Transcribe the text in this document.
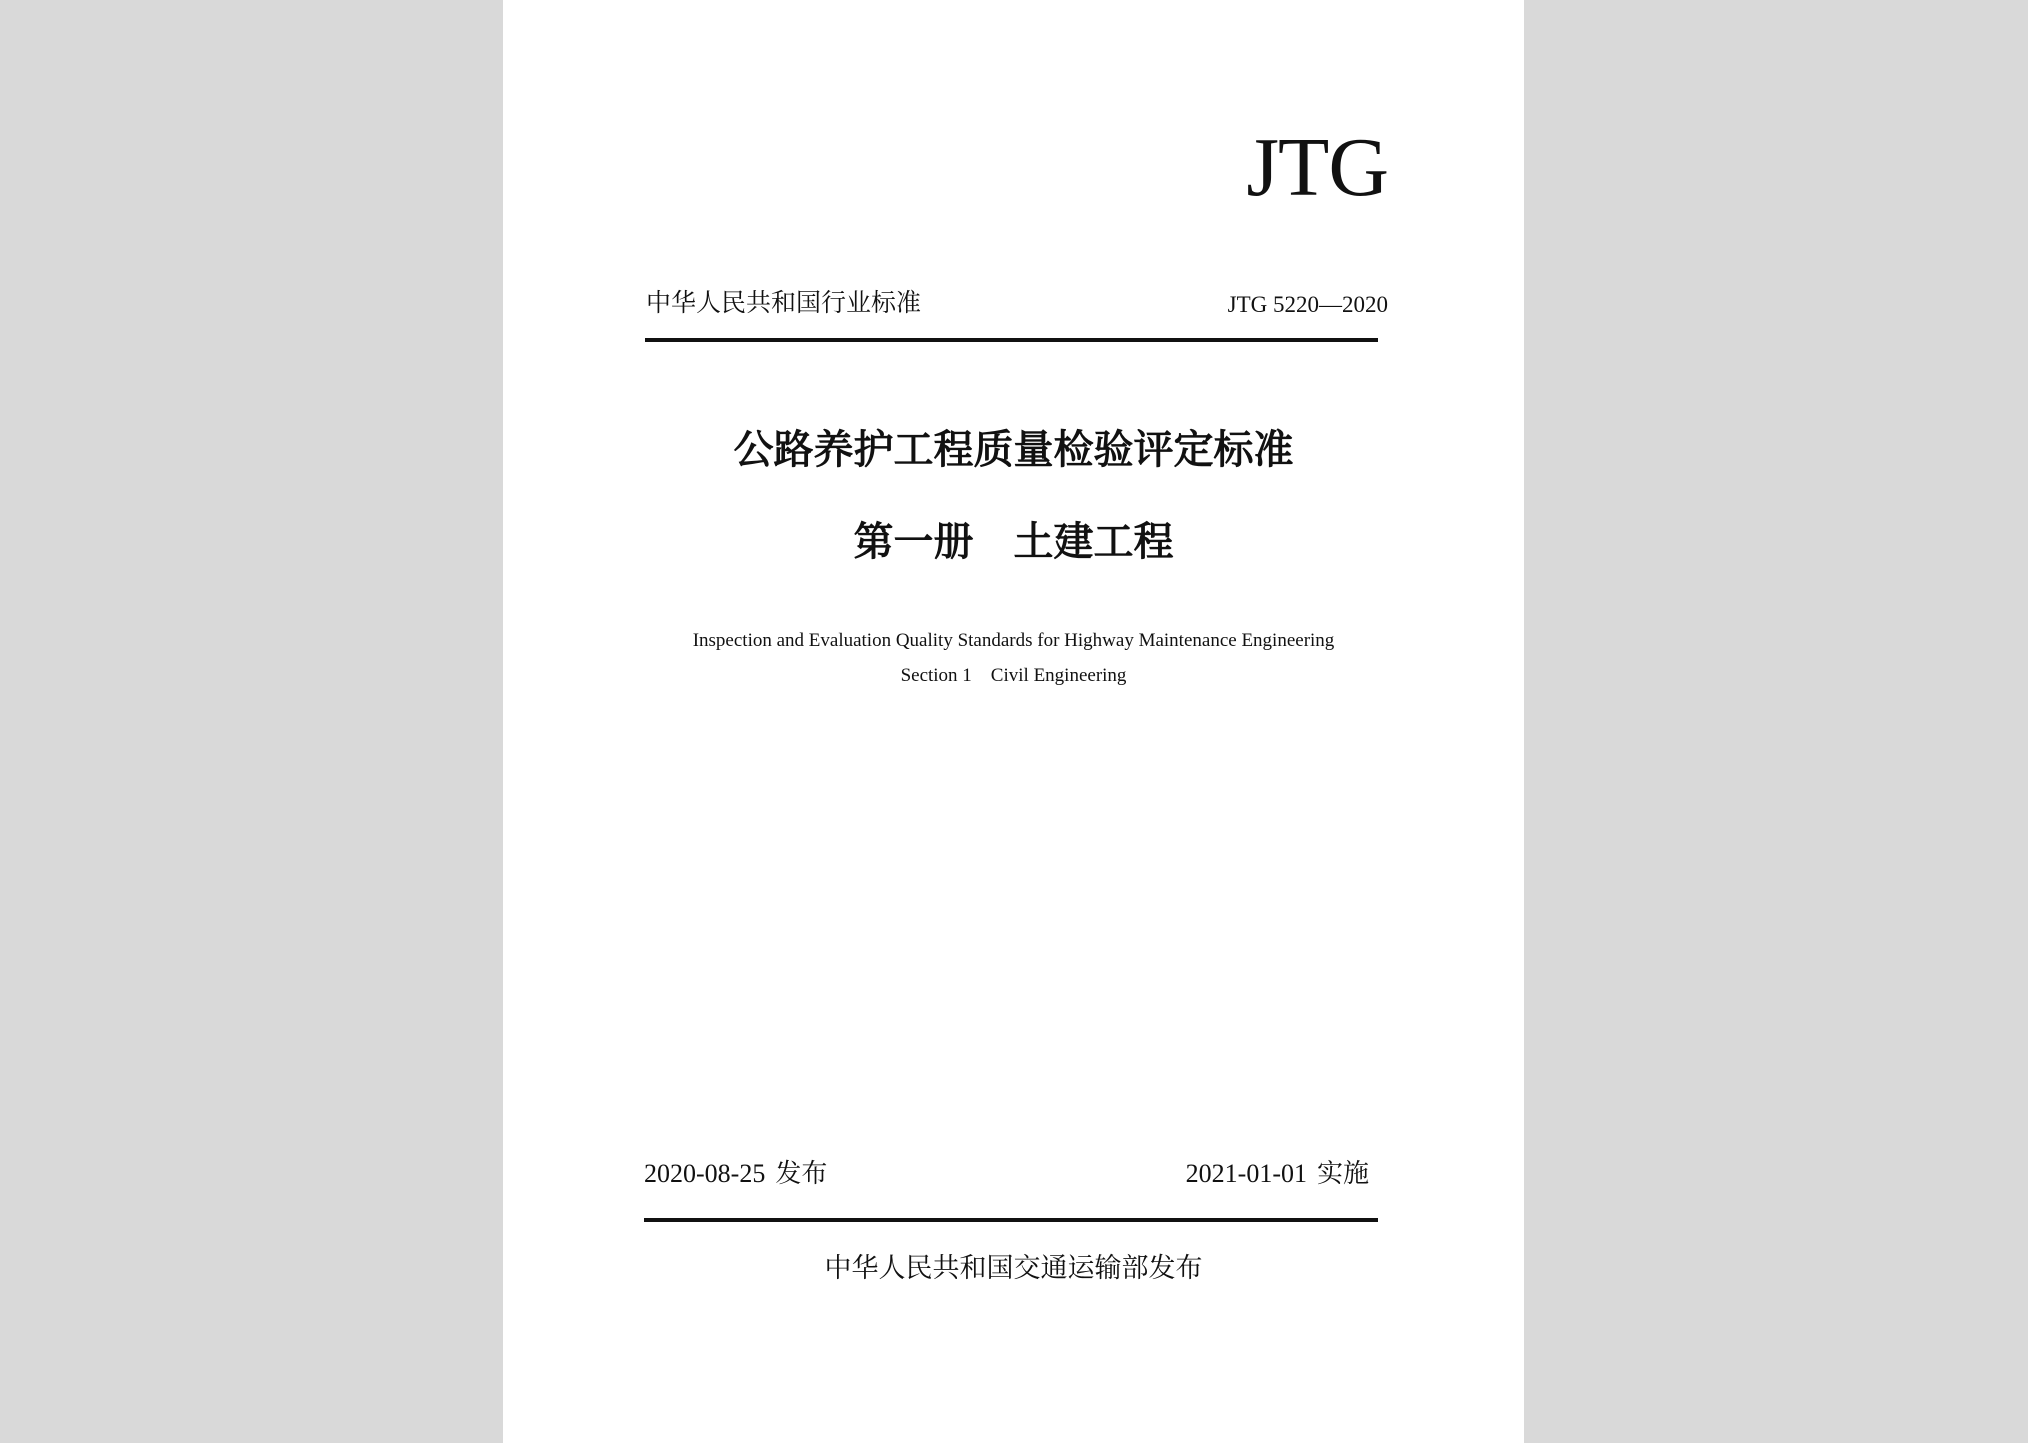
JTG
中华人民共和国行业标准	JTG 5220—2020
公路养护工程质量检验评定标准
第一册　土建工程
Inspection and Evaluation Quality Standards for Highway Maintenance Engineering
Section 1    Civil Engineering
2020-08-25 发布	2021-01-01 实施
中华人民共和国交通运输部发布
